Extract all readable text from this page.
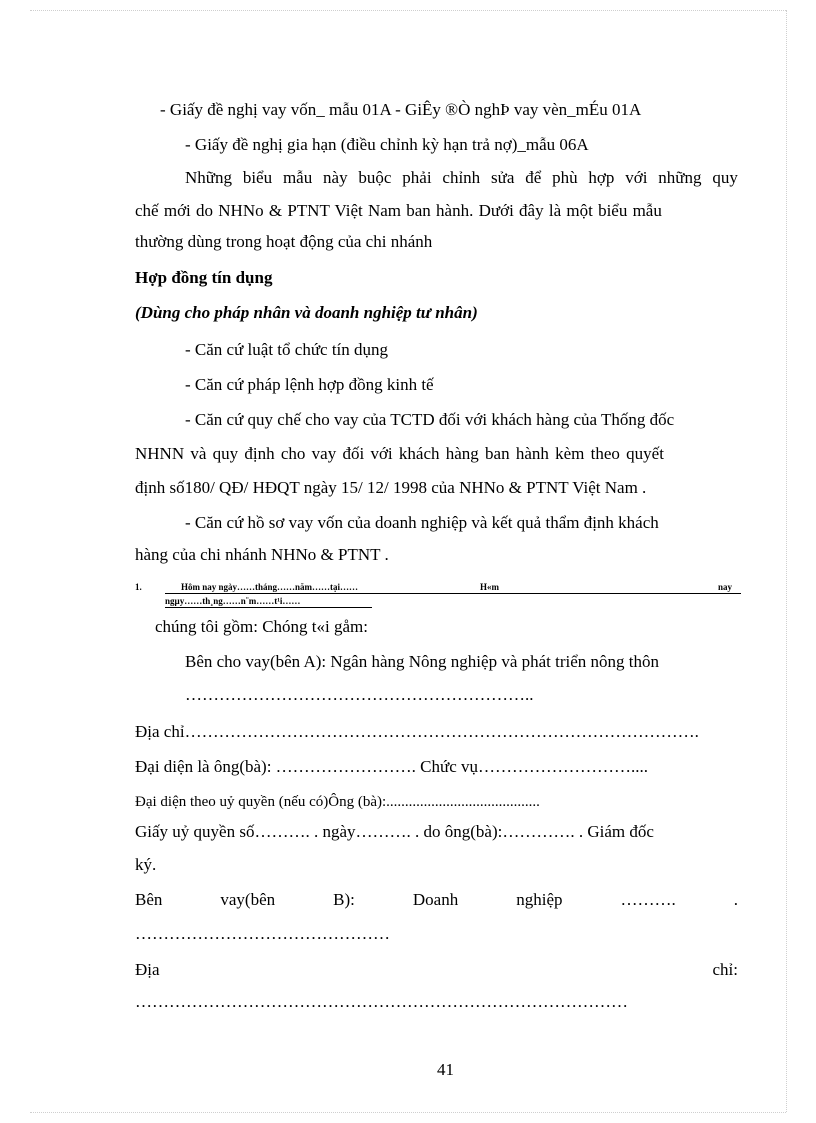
- Giấy đề nghị vay vốn_ mẫu 01A - GiÊy ®Ò nghÞ vay vèn_mÉu 01A
- Giấy đề nghị gia hạn (điều chỉnh kỳ hạn trả nợ)_mẫu 06A
Những biểu mẫu này buộc phải chỉnh sửa để phù hợp với những quy
chế mới do NHNo & PTNT Việt Nam ban hành. Dưới đây là một biểu mẫu
thường dùng trong hoạt động của chi nhánh
Hợp đồng tín dụng
(Dùng cho pháp nhân và doanh nghiệp tư nhân)
- Căn cứ luật tổ chức tín dụng
- Căn cứ pháp lệnh hợp đồng kinh tế
- Căn cứ quy chế cho vay của TCTD đối với khách hàng của Thống đốc
NHNN và quy định cho vay đối với khách hàng ban hành kèm theo quyết
định số180/ QĐ/ HĐQT ngày 15/ 12/ 1998 của NHNo & PTNT Việt Nam .
- Căn cứ hồ sơ vay vốn của doanh nghiệp và kết quả thẩm định khách
hàng của chi nhánh NHNo & PTNT .
1.	Hôm nay ngày……tháng……năm……tại……	H«m	nay
ngµy……th¸ng……n¨m……t¹i……
chúng tôi gồm: Chóng t«i gåm:
Bên cho vay(bên A): Ngân hàng Nông nghiệp và phát triển nông thôn
……………………………………………………..
Địa chỉ……………………………………………………………………………….
Đại diện là ông(bà): ……………………. Chức vụ………………………....
Đại diện theo uỷ quyền (nếu có)Ông (bà):.........................................
Giấy uỷ quyền số………. . ngày………. . do ông(bà):…………. . Giám đốc
ký.
Bên	vay(bên	B):	Doanh	nghiệp	……….	.
………………………………………
Địa	chỉ:
……………………………………………………………………………
41
